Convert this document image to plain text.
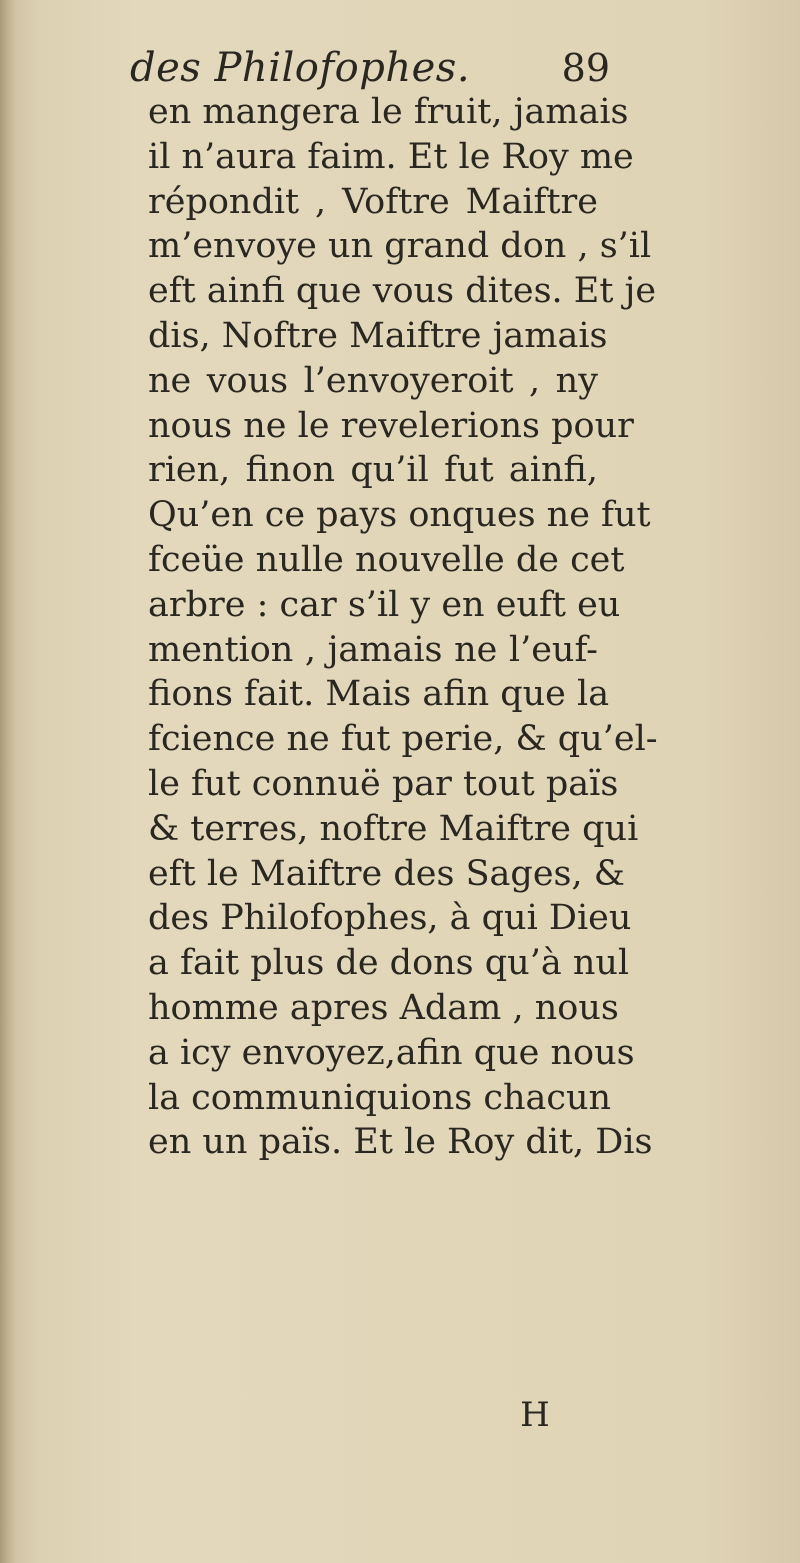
des Philofophes. 89
en mangera le fruit, jamais
il n’aura faim. Et le Roy me
répondit , Voftre Maiftre
m’envoye un grand don , s’il
eft ainfi que vous dites. Et je
dis, Noftre Maiftre jamais
ne vous l’envoyeroit , ny
nous ne le revelerions pour
rien, finon qu’il fut ainfi,
Qu’en ce pays onques ne fut
fceüe nulle nouvelle de cet
arbre : car s’il y en euft eu
mention , jamais ne l’euf-
fions fait. Mais afin que la
fcience ne fut perie, & qu’el-
le fut connuë par tout païs
& terres, noftre Maiftre qui
eft le Maiftre des Sages, &
des Philofophes, à qui Dieu
a fait plus de dons qu’à nul
homme apres Adam , nous
a icy envoyez,afin que nous
la communiquions chacun
en un païs. Et le Roy dit, Dis
H
